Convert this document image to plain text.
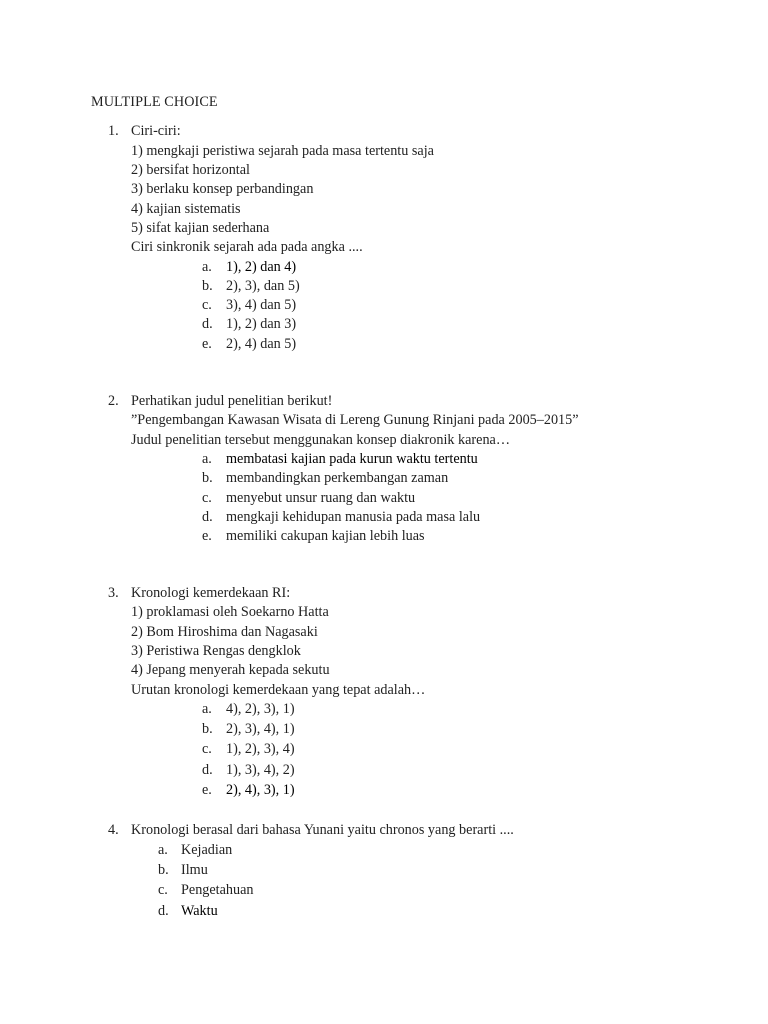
MULTIPLE CHOICE
1. Ciri-ciri:
1) mengkaji peristiwa sejarah pada masa tertentu saja
2) bersifat horizontal
3) berlaku konsep perbandingan
4) kajian sistematis
5) sifat kajian sederhana
Ciri sinkronik sejarah ada pada angka ....
a. 1), 2) dan 4)
b. 2), 3), dan 5)
c. 3), 4) dan 5)
d. 1), 2) dan 3)
e. 2), 4) dan 5)
2. Perhatikan judul penelitian berikut!
”Pengembangan Kawasan Wisata di Lereng Gunung Rinjani pada 2005–2015”
Judul penelitian tersebut menggunakan konsep diakronik karena…
a. membatasi kajian pada kurun waktu tertentu
b. membandingkan perkembangan zaman
c. menyebut unsur ruang dan waktu
d. mengkaji kehidupan manusia pada masa lalu
e. memiliki cakupan kajian lebih luas
3. Kronologi kemerdekaan RI:
1) proklamasi oleh Soekarno Hatta
2) Bom Hiroshima dan Nagasaki
3) Peristiwa Rengas dengklok
4) Jepang menyerah kepada sekutu
Urutan kronologi kemerdekaan yang tepat adalah…
a. 4), 2), 3), 1)
b. 2), 3), 4), 1)
c. 1), 2), 3), 4)
d. 1), 3), 4), 2)
e. 2), 4), 3), 1)
4. Kronologi berasal dari bahasa Yunani yaitu chronos yang berarti ....
a. Kejadian
b. Ilmu
c. Pengetahuan
d. Waktu
